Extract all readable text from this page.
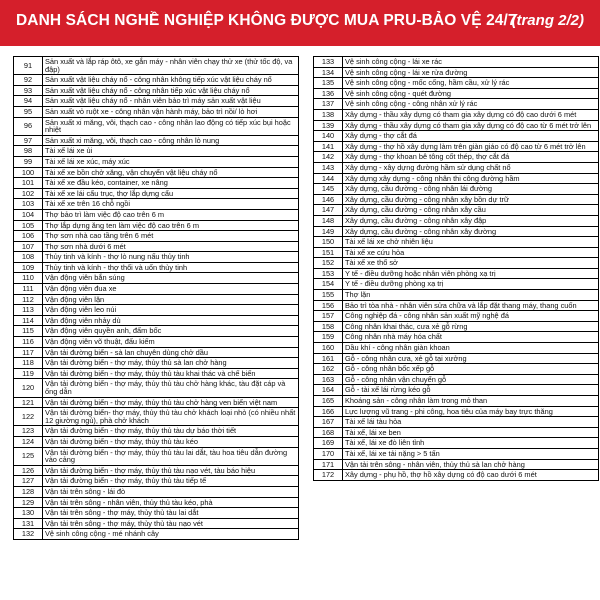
DANH SÁCH NGHỀ NGHIỆP KHÔNG ĐƯỢC MUA PRU-BẢO VỆ 24/7
(trang 2/2)
91	Sản xuất và lắp ráp ôtô, xe gắn máy - nhân viên chạy thử xe (thử tốc độ, va đập)
92	Sản xuất vật liệu cháy nổ - công nhân không tiếp xúc vật liệu cháy nổ
93	Sản xuất vật liệu cháy nổ - công nhân tiếp xúc vật liệu cháy nổ
94	Sản xuất vật liệu cháy nổ - nhân viên bảo trì máy sản xuất vật liệu
95	Sản xuất vỏ ruột xe - công nhân vận hành máy, bảo trì nồi/ lò hơi
96	Sản xuất xi măng, vôi, thạch cao - công nhân lao động có tiếp xúc bụi hoặc nhiệt
97	Sản xuất xi măng, vôi, thạch cao - công nhân lò nung
98	Tài xế lái xe ủi
99	Tài xế lái xe xúc, máy xúc
100	Tài xế xe bồn chở xăng, vận chuyển vật liệu cháy nổ
101	Tài xế xe đầu kéo, container, xe nâng
102	Tài xế xe lái cẩu trục, thợ lắp dựng cẩu
103	Tài xế xe trên 16 chỗ ngồi
104	Thợ bảo trì làm việc độ cao trên 6 m
105	Thợ lắp dựng ăng ten làm việc độ cao trên 6 m
106	Thợ sơn nhà cao tầng trên 6 mét
107	Thợ sơn nhà dưới 6 mét
108	Thủy tinh và kính - thợ lò nung nấu thủy tinh
109	Thủy tinh và kính - thợ thổi và uốn thủy tinh
110	Vận động viên bắn súng
111	Vận động viên đua xe
112	Vận động viên lặn
113	Vận động viên leo núi
114	Vận động viên nhảy dù
115	Vận động viên quyền anh, đấm bốc
116	Vận động viên võ thuật, đấu kiếm
117	Vận tải đường biển - sà lan chuyên dùng chở dầu
118	Vận tải đường biển - thợ máy, thủy thủ sà lan chở hàng
119	Vận tải đường biển - thợ máy, thủy thủ tàu khai thác và chế biến
120	Vận tải đường biển - thợ máy, thủy thủ tàu chở hàng khác, tàu đặt cáp và ống dẫn
121	Vận tải đường biển - thợ máy, thủy thủ tàu chở hàng ven biển việt nam
122	Vận tải đường biển- thợ máy, thủy thủ tàu chở khách loại nhỏ (có nhiều nhất 12 giường ngủ), phà chở khách
123	Vận tải đường biển - thợ máy, thủy thủ tàu dự báo thời tiết
124	Vận tải đường biển - thợ máy, thủy thủ tàu kéo
125	Vận tải đường biển - thợ máy, thủy thủ tàu lai dắt, tàu hoa tiêu dẫn đường vào cảng
126	Vận tải đường biển - thợ máy, thủy thủ tàu nạo vét, tàu báo hiệu
127	Vận tải đường biển - thợ máy, thủy thủ tàu tiếp tế
128	Vận tải trên sông - lái đò
129	Vận tải trên sông - nhân viên, thủy thủ tàu kéo, phà
130	Vận tải trên sông - thợ máy, thủy thủ tàu lai dắt
131	Vận tải trên sông - thợ máy, thủy thủ tàu nạo vét
132	Vệ sinh công cộng - mé nhánh cây
133	Vệ sinh công cộng - lái xe rác
134	Vệ sinh công cộng - lái xe rửa đường
135	Vệ sinh công cộng - mốc cống, hầm cầu, xử lý rác
136	Vệ sinh công cộng - quét đường
137	Vệ sinh công cộng - công nhân xử lý rác
138	Xây dựng - thầu xây dựng có tham gia xây dựng có độ cao dưới 6 mét
139	Xây dựng - thầu xây dựng có tham gia xây dựng có độ cao từ 6 mét trở lên
140	Xây dựng - thợ cắt đá
141	Xây dựng - thợ hồ xây dựng làm trên giàn giáo có độ cao từ 6 mét trở lên
142	Xây dựng - thợ khoan bê tông cốt thép, thợ cắt đá
143	Xây dựng - xây dựng đường hầm sử dụng chất nổ
144	Xây dựng xây dựng - công nhân thi công đường hầm
145	Xây dựng, cầu đường - công nhân lái đường
146	Xây dựng, cầu đường - công nhân xây bồn dự trữ
147	Xây dựng, cầu đường - công nhân xây cầu
148	Xây dựng, cầu đường - công nhân xây đập
149	Xây dựng, cầu đường - công nhân xây đường
150	Tài xế lái xe chở nhiên liệu
151	Tài xế xe cứu hỏa
152	Tài xế xe thổ sở
153	Y tế - điều dưỡng hoặc nhân viên phòng xạ trị
154	Y tế - điều dưỡng phòng xạ trị
155	Thợ lặn
156	Bảo trì tòa nhà - nhân viên sửa chữa và lắp đặt thang máy, thang cuốn
157	Công nghiệp đá - công nhân sản xuất mỹ nghệ đá
158	Công nhân khai thác, cưa xẻ gỗ rừng
159	Công nhân nhà máy hóa chất
160	Dầu khí - công nhân giàn khoan
161	Gỗ - công nhân cưa, xẻ gỗ tại xưởng
162	Gỗ - công nhân bốc xếp gỗ
163	Gỗ - công nhân vận chuyển gỗ
164	Gỗ - tài xế lái rừng kéo gỗ
165	Khoáng sản - công nhân làm trong mỏ than
166	Lực lượng vũ trang - phi công, hoa tiêu của máy bay trực thăng
167	Tài xế lái tàu hỏa
168	Tài xế, lái xe ben
169	Tài xế, lái xe đò liên tỉnh
170	Tài xế, lái xe tải nặng > 5 tấn
171	Vận tải trên sông - nhân viên, thủy thủ sà lan chở hàng
172	Xây dựng - phụ hồ, thợ hồ xây dựng có độ cao dưới 6 mét
